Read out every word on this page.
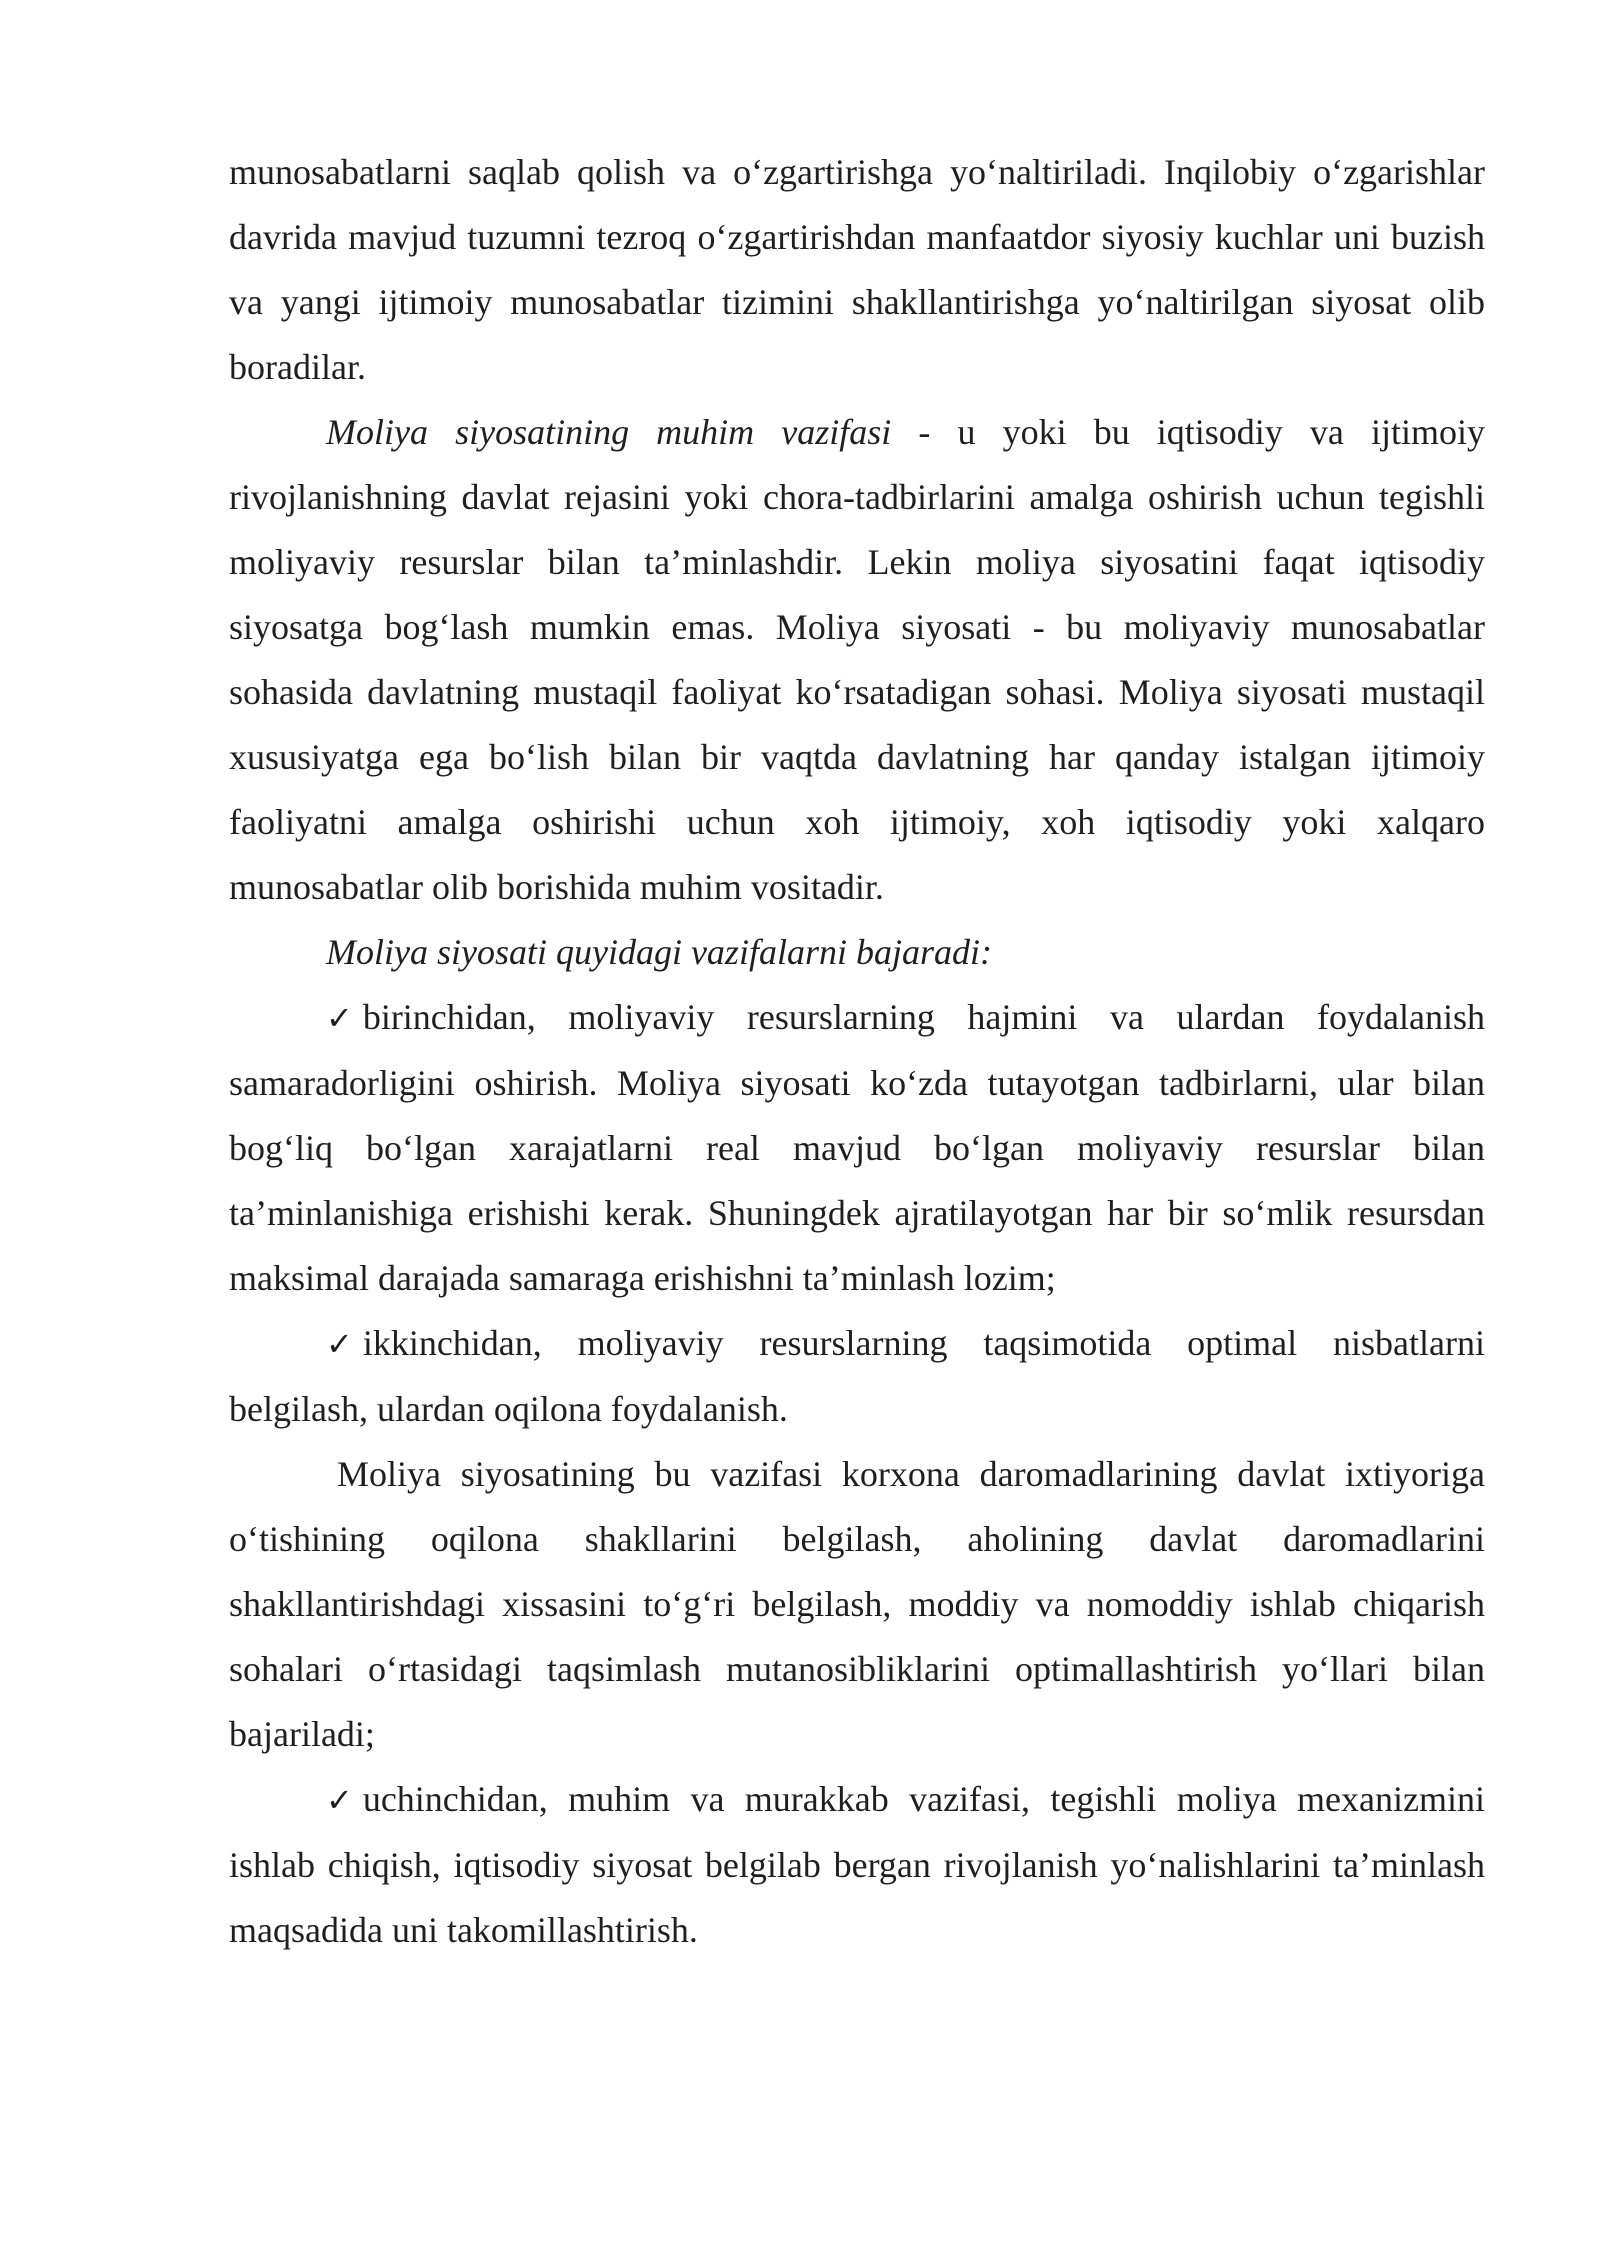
munosabatlarni saqlab qolish va o‘zgartirishga yo‘naltiriladi. Inqilobiy o‘zgarishlar davrida mavjud tuzumni tezroq o‘zgartirishdan manfaatdor siyosiy kuchlar uni buzish va yangi ijtimoiy munosabatlar tizimini shakllantirishga yo‘naltirilgan siyosat olib boradilar.

Moliya siyosatining muhim vazifasi - u yoki bu iqtisodiy va ijtimoiy rivojlanishning davlat rejasini yoki chora-tadbirlarini amalga oshirish uchun tegishli moliyaviy resurslar bilan ta’minlashdir. Lekin moliya siyosatini faqat iqtisodiy siyosatga bog‘lash mumkin emas. Moliya siyosati - bu moliyaviy munosabatlar sohasida davlatning mustaqil faoliyat ko‘rsatadigan sohasi. Moliya siyosati mustaqil xususiyatga ega bo‘lish bilan bir vaqtda davlatning har qanday istalgan ijtimoiy faoliyatni amalga oshirishi uchun xoh ijtimoiy, xoh iqtisodiy yoki xalqaro munosabatlar olib borishida muhim vositadir.

Moliya siyosati quyidagi vazifalarni bajaradi:

✓ birinchidan, moliyaviy resurslarning hajmini va ulardan foydalanish samaradorligini oshirish. Moliya siyosati ko‘zda tutayotgan tadbirlarni, ular bilan bog‘liq bo‘lgan xarajatlarni real mavjud bo‘lgan moliyaviy resurslar bilan ta’minlanishiga erishishi kerak. Shuningdek ajratilayotgan har bir so‘mlik resursdan maksimal darajada samaraga erishishni ta’minlash lozim;

✓ ikkinchidan, moliyaviy resurslarning taqsimotida optimal nisbatlarni belgilash, ulardan oqilona foydalanish.

Moliya siyosatining bu vazifasi korxona daromadlarining davlat ixtiyoriga o‘tishining oqilona shakllarini belgilash, aholining davlat daromadlarini shakllantirishdagi xissasini to‘g‘ri belgilash, moddiy va nomoddiy ishlab chiqarish sohalari o‘rtasidagi taqsimlash mutanosibliklarini optimallashtirish yo‘llari bilan bajariladi;

✓ uchinchidan, muhim va murakkab vazifasi, tegishli moliya mexanizmini ishlab chiqish, iqtisodiy siyosat belgilab bergan rivojlanish yo‘nalishlarini ta’minlash maqsadida uni takomillashtirish.
